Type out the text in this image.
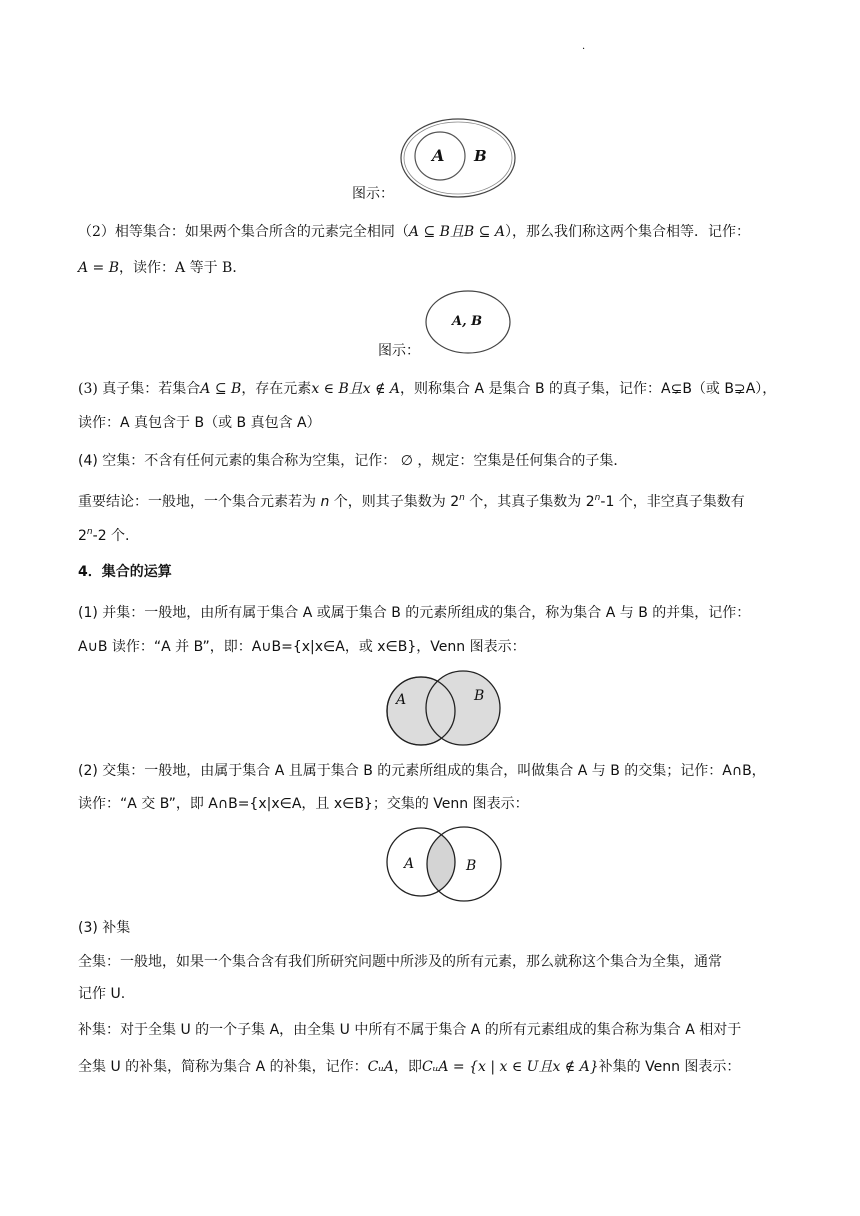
·
A B
图示：
（2）相等集合：如果两个集合所含的元素完全相同（A ⊆ B且B ⊆ A），那么我们称这两个集合相等．记作：
A = B，读作：A 等于 B．
A, B
图示：
(3) 真子集：若集合A ⊆ B，存在元素x ∈ B且x ∉ A，则称集合 A 是集合 B 的真子集，记作：A⊊B（或 B⊋A），
读作：A 真包含于 B（或 B 真包含 A）
(4) 空集：不含有任何元素的集合称为空集，记作： ∅ ，规定：空集是任何集合的子集．
重要结论：一般地，一个集合元素若为 n 个，则其子集数为 2$^n$ 个，其真子集数为 2$^n$-1 个，非空真子集数有
2$^n$-2 个.
4．集合的运算
(1) 并集：一般地，由所有属于集合 A 或属于集合 B 的元素所组成的集合，称为集合 A 与 B 的并集，记作：
A∪B 读作：“A 并 B”，即：A∪B={x|x∈A，或 x∈B}，Venn 图表示：
A	B
(2) 交集：一般地，由属于集合 A 且属于集合 B 的元素所组成的集合，叫做集合 A 与 B 的交集；记作：A∩B，
读作：“A 交 B”，即 A∩B={x|x∈A，且 x∈B}；交集的 Venn 图表示：
A	B
(3) 补集
全集：一般地，如果一个集合含有我们所研究问题中所涉及的所有元素，那么就称这个集合为全集，通常
记作 U.
补集：对于全集 U 的一个子集 A，由全集 U 中所有不属于集合 A 的所有元素组成的集合称为集合 A 相对于
全集 U 的补集，简称为集合 A 的补集，记作：CᵤA，即CᵤA = {x | x ∈ U且x ∉ A}补集的 Venn 图表示：
